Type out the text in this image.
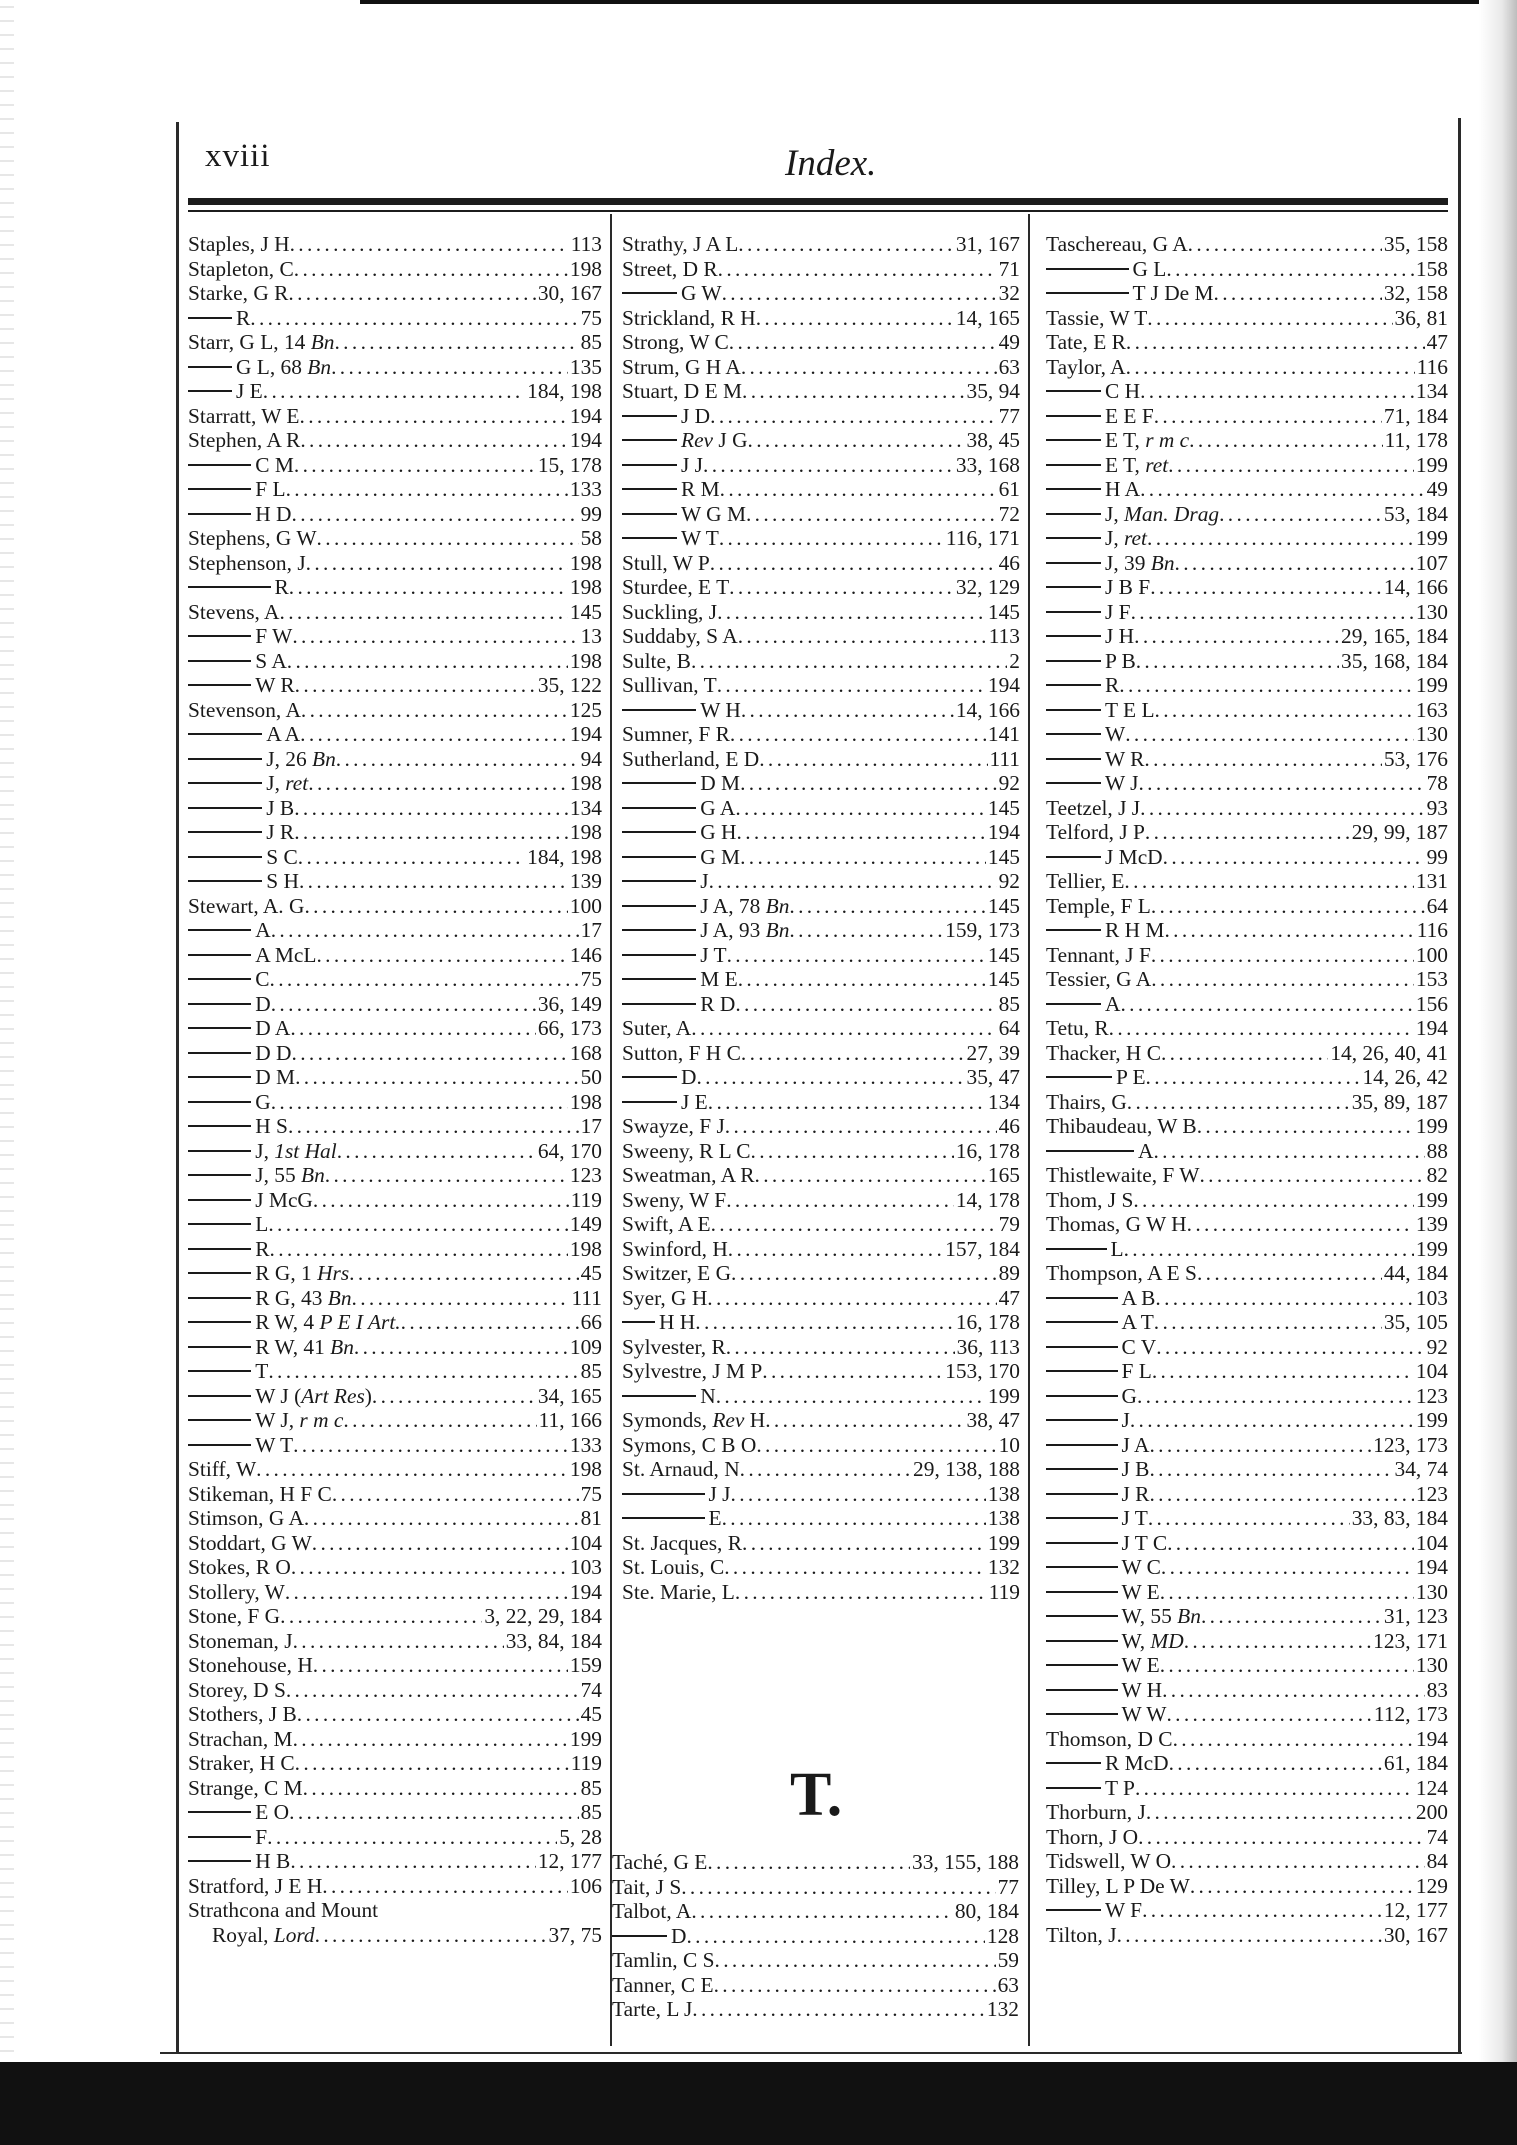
xviii	Index.
Staples, J H . . .	113
Stapleton, C . . .	198
Starke, G R . . .	30, 167
R . . .	75
Starr, G L, 14 Bn . . .	85
G L, 68 Bn . . .	135
J E . . .	184, 198
Starratt, W E . . .	194
Stephen, A R . . .	194
C M . . .	15, 178
F L . . .	133
H D . . .	99
Stephens, G W . . .	58
Stephenson, J . . .	198
R . . .	198
Stevens, A . . .	145
F W . . .	13
S A . . .	198
W R . . .	35, 122
Stevenson, A . . .	125
A A . . .	194
J, 26 Bn . . .	94
J, ret . . .	198
J B . . .	134
J R . . .	198
S C . . .	184, 198
S H . . .	139
Stewart, A. G . . .	100
A . . .	17
A McL . . .	146
C . . .	75
D . . .	36, 149
D A . . .	66, 173
D D . . .	168
D M . . .	50
G . . .	198
H S . . .	17
J, 1st Hal . . .	64, 170
J, 55 Bn . . .	123
J McG . . .	119
L . . .	149
R . . .	198
R G, 1 Hrs . . .	45
R G, 43 Bn . . .	111
R W, 4 P E I Art. . . .	66
R W, 41 Bn . . .	109
T . . .	85
W J (Art Res) . . .	34, 165
W J, r m c . . .	11, 166
W T . . .	133
Stiff, W . . .	198
Stikeman, H F C . . .	75
Stimson, G A . . .	81
Stoddart, G W . . .	104
Stokes, R O . . .	103
Stollery, W . . .	194
Stone, F G . . .	3, 22, 29, 184
Stoneman, J . . .	33, 84, 184
Stonehouse, H . . .	159
Storey, D S . . .	74
Stothers, J B . . .	45
Strachan, M . . .	199
Straker, H C . . .	119
Strange, C M . . .	85
E O . . .	85
F . . .	5, 28
H B . . .	12, 177
Stratford, J E H . . .	106
Strathcona and Mount
Royal, Lord . . .	37, 75
Strathy, J A L . . .	31, 167
Street, D R . . .	71
G W . . .	32
Strickland, R H . . .	14, 165
Strong, W C . . .	49
Strum, G H A . . .	63
Stuart, D E M . . .	35, 94
J D . . .	77
Rev J G . . .	38, 45
J J . . .	33, 168
R M . . .	61
W G M . . .	72
W T . . .	116, 171
Stull, W P . . .	46
Sturdee, E T . . .	32, 129
Suckling, J . . .	145
Suddaby, S A . . .	113
Sulte, B . . .	2
Sullivan, T . . .	194
W H . . .	14, 166
Sumner, F R . . .	141
Sutherland, E D . . .	111
D M . . .	92
G A . . .	145
G H . . .	194
G M . . .	145
J . . .	92
J A, 78 Bn . . .	145
J A, 93 Bn . . .	159, 173
J T . . .	145
M E . . .	145
R D . . .	85
Suter, A . . .	64
Sutton, F H C . . .	27, 39
D . . .	35, 47
J E . . .	134
Swayze, F J . . .	46
Sweeny, R L C . . .	16, 178
Sweatman, A R . . .	165
Sweny, W F . . .	14, 178
Swift, A E . . .	79
Swinford, H . . .	157, 184
Switzer, E G . . .	89
Syer, G H . . .	47
H H . . .	16, 178
Sylvester, R . . .	36, 113
Sylvestre, J M P . . .	153, 170
N . . .	199
Symonds, Rev H . . .	38, 47
Symons, C B O . . .	10
St. Arnaud, N . . .	29, 138, 188
J J . . .	138
E . . .	138
St. Jacques, R . . .	199
St. Louis, C . . .	132
Ste. Marie, L . . .	119
Taschereau, G A . . .	35, 158
G L . . .	158
T J De M . . .	32, 158
Tassie, W T . . .	36, 81
Tate, E R . . .	47
Taylor, A . . .	116
C H . . .	134
E E F . . .	71, 184
E T, r m c . . .	11, 178
E T, ret . . .	199
H A . . .	49
J, Man. Drag . . .	53, 184
J, ret . . .	199
J, 39 Bn . . .	107
J B F . . .	14, 166
J F . . .	130
J H . . .	29, 165, 184
P B . . .	35, 168, 184
R . . .	199
T E L . . .	163
W . . .	130
W R . . .	53, 176
W J . . .	78
Teetzel, J J . . .	93
Telford, J P . . .	29, 99, 187
J McD . . .	99
Tellier, E . . .	131
Temple, F L . . .	64
R H M . . .	116
Tennant, J F . . .	100
Tessier, G A . . .	153
A . . .	156
Tetu, R . . .	194
Thacker, H C . . .	14, 26, 40, 41
P E . . .	14, 26, 42
Thairs, G . . .	35, 89, 187
Thibaudeau, W B . . .	199
A . . .	88
Thistlewaite, F W . . .	82
Thom, J S . . .	199
Thomas, G W H . . .	139
L . . .	199
Thompson, A E S . . .	44, 184
A B . . .	103
A T . . .	35, 105
C V . . .	92
F L . . .	104
G . . .	123
J . . .	199
J A . . .	123, 173
J B . . .	34, 74
J R . . .	123
J T . . .	33, 83, 184
J T C . . .	104
W C . . .	194
W E . . .	130
W, 55 Bn . . .	31, 123
W, MD . . .	123, 171
W E . . .	130
W H . . .	83
W W . . .	112, 173
Thomson, D C . . .	194
R McD . . .	61, 184
T P . . .	124
Thorburn, J . . .	200
Thorn, J O . . .	74
Tidswell, W O . . .	84
Tilley, L P De W . . .	129
W F . . .	12, 177
Tilton, J . . .	30, 167
T.
Taché, G E . . .	33, 155, 188
Tait, J S . . .	77
Talbot, A . . .	80, 184
D . . .	128
Tamlin, C S . . .	59
Tanner, C E . . .	63
Tarte, L J . . .	132
